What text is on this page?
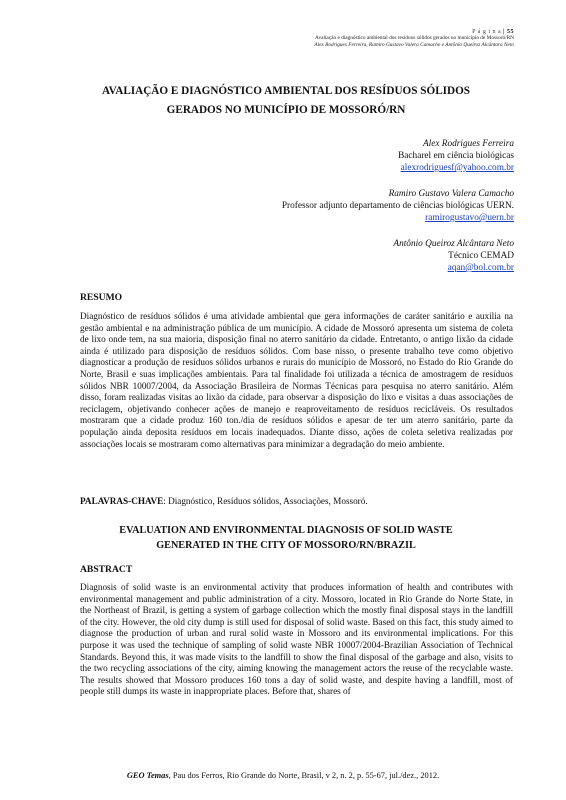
P á g i n a | 55
Avaliação e diagnóstico ambiental dos resíduos sólidos gerados no município de Mossoró/RN
Alex Rodrigues Ferreira, Ramiro Gustavo Valera Camacho e Antônio Queiroz Alcântara Neto
AVALIAÇÃO E DIAGNÓSTICO AMBIENTAL DOS RESÍDUOS SÓLIDOS
GERADOS NO MUNICÍPIO DE MOSSORÓ/RN
Alex Rodrigues Ferreira
Bacharel em ciência biológicas
alexrodriguesf@yahoo.com.br
Ramiro Gustavo Valera Camacho
Professor adjunto departamento de ciências biológicas UERN.
ramirogustavo@uern.br
Antônio Queiroz Alcântara Neto
Técnico CEMAD
aqan@bol.com.br
RESUMO
Diagnóstico de resíduos sólidos é uma atividade ambiental que gera informações de caráter sanitário e auxilia na gestão ambiental e na administração pública de um município. A cidade de Mossoró apresenta um sistema de coleta de lixo onde tem, na sua maioria, disposição final no aterro sanitário da cidade. Entretanto, o antigo lixão da cidade ainda é utilizado para disposição de resíduos sólidos. Com base nisso, o presente trabalho teve como objetivo diagnosticar a produção de resíduos sólidos urbanos e rurais do município de Mossoró, no Estado do Rio Grande do Norte, Brasil e suas implicações ambientais. Para tal finalidade foi utilizada a técnica de amostragem de resíduos sólidos NBR 10007/2004, da Associação Brasileira de Normas Técnicas para pesquisa no aterro sanitário. Além disso, foram realizadas visitas ao lixão da cidade, para observar a disposição do lixo e visitas a duas associações de reciclagem, objetivando conhecer ações de manejo e reaproveitamento de resíduos recicláveis. Os resultados mostraram que a cidade produz 160 ton./dia de resíduos sólidos e apesar de ter um aterro sanitário, parte da população ainda deposita resíduos em locais inadequados. Diante disso, ações de coleta seletiva realizadas por associações locais se mostraram como alternativas para minimizar a degradação do meio ambiente.
PALAVRAS-CHAVE: Diagnóstico, Resíduos sólidos, Associações, Mossoró.
EVALUATION AND ENVIRONMENTAL DIAGNOSIS OF SOLID WASTE
GENERATED IN THE CITY OF MOSSORO/RN/BRAZIL
ABSTRACT
Diagnosis of solid waste is an environmental activity that produces information of health and contributes with environmental management and public administration of a city. Mossoro, located in Rio Grande do Norte State, in the Northeast of Brazil, is getting a system of garbage collection which the mostly final disposal stays in the landfill of the city. However, the old city dump is still used for disposal of solid waste. Based on this fact, this study aimed to diagnose the production of urban and rural solid waste in Mossoro and its environmental implications. For this purpose it was used the technique of sampling of solid waste NBR 10007/2004-Brazilian Association of Technical Standards. Beyond this, it was made visits to the landfill to show the final disposal of the garbage and also, visits to the two recycling associations of the city, aiming knowing the management actors the reuse of the recyclable waste. The results showed that Mossoro produces 160 tons a day of solid waste, and despite having a landfill, most of people still dumps its waste in inappropriate places. Before that, shares of
GEO Temas, Pau dos Ferros, Rio Grande do Norte, Brasil, v 2, n. 2, p. 55-67, jul./dez., 2012.
